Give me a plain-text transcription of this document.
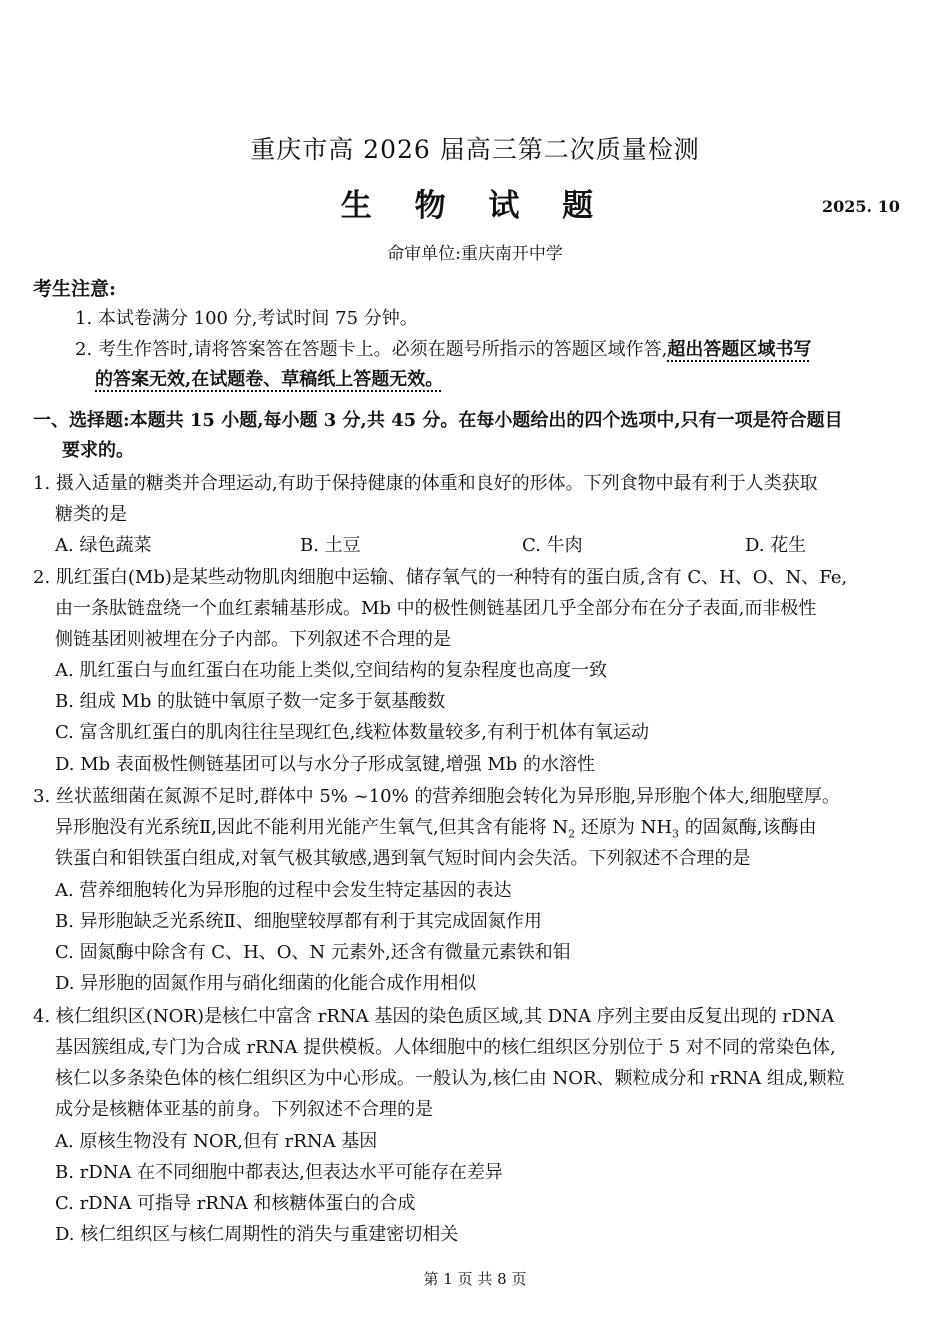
重庆市高 2026 届高三第二次质量检测
生 物 试 题	2025. 10
命审单位:重庆南开中学
考生注意:
1. 本试卷满分 100 分,考试时间 75 分钟。
2. 考生作答时,请将答案答在答题卡上。必须在题号所指示的答题区域作答,超出答题区域书写
的答案无效,在试题卷、草稿纸上答题无效。
一、选择题:本题共 15 小题,每小题 3 分,共 45 分。在每小题给出的四个选项中,只有一项是符合题目
要求的。
1. 摄入适量的糖类并合理运动,有助于保持健康的体重和良好的形体。下列食物中最有利于人类获取
糖类的是
A. 绿色蔬菜	B. 土豆	C. 牛肉	D. 花生
2. 肌红蛋白(Mb)是某些动物肌肉细胞中运输、储存氧气的一种特有的蛋白质,含有 C、H、O、N、Fe,
由一条肽链盘绕一个血红素辅基形成。Mb 中的极性侧链基团几乎全部分布在分子表面,而非极性
侧链基团则被埋在分子内部。下列叙述不合理的是
A. 肌红蛋白与血红蛋白在功能上类似,空间结构的复杂程度也高度一致
B. 组成 Mb 的肽链中氧原子数一定多于氨基酸数
C. 富含肌红蛋白的肌肉往往呈现红色,线粒体数量较多,有利于机体有氧运动
D. Mb 表面极性侧链基团可以与水分子形成氢键,增强 Mb 的水溶性
3. 丝状蓝细菌在氮源不足时,群体中 5% ~10% 的营养细胞会转化为异形胞,异形胞个体大,细胞壁厚。
异形胞没有光系统Ⅱ,因此不能利用光能产生氧气,但其含有能将 $N_2$ 还原为 $NH_3$ 的固氮酶,该酶由
铁蛋白和钼铁蛋白组成,对氧气极其敏感,遇到氧气短时间内会失活。下列叙述不合理的是
A. 营养细胞转化为异形胞的过程中会发生特定基因的表达
B. 异形胞缺乏光系统Ⅱ、细胞壁较厚都有利于其完成固氮作用
C. 固氮酶中除含有 C、H、O、N 元素外,还含有微量元素铁和钼
D. 异形胞的固氮作用与硝化细菌的化能合成作用相似
4. 核仁组织区(NOR)是核仁中富含 rRNA 基因的染色质区域,其 DNA 序列主要由反复出现的 rDNA
基因簇组成,专门为合成 rRNA 提供模板。人体细胞中的核仁组织区分别位于 5 对不同的常染色体,
核仁以多条染色体的核仁组织区为中心形成。一般认为,核仁由 NOR、颗粒成分和 rRNA 组成,颗粒
成分是核糖体亚基的前身。下列叙述不合理的是
A. 原核生物没有 NOR,但有 rRNA 基因
B. rDNA 在不同细胞中都表达,但表达水平可能存在差异
C. rDNA 可指导 rRNA 和核糖体蛋白的合成
D. 核仁组织区与核仁周期性的消失与重建密切相关
第 1 页 共 8 页
